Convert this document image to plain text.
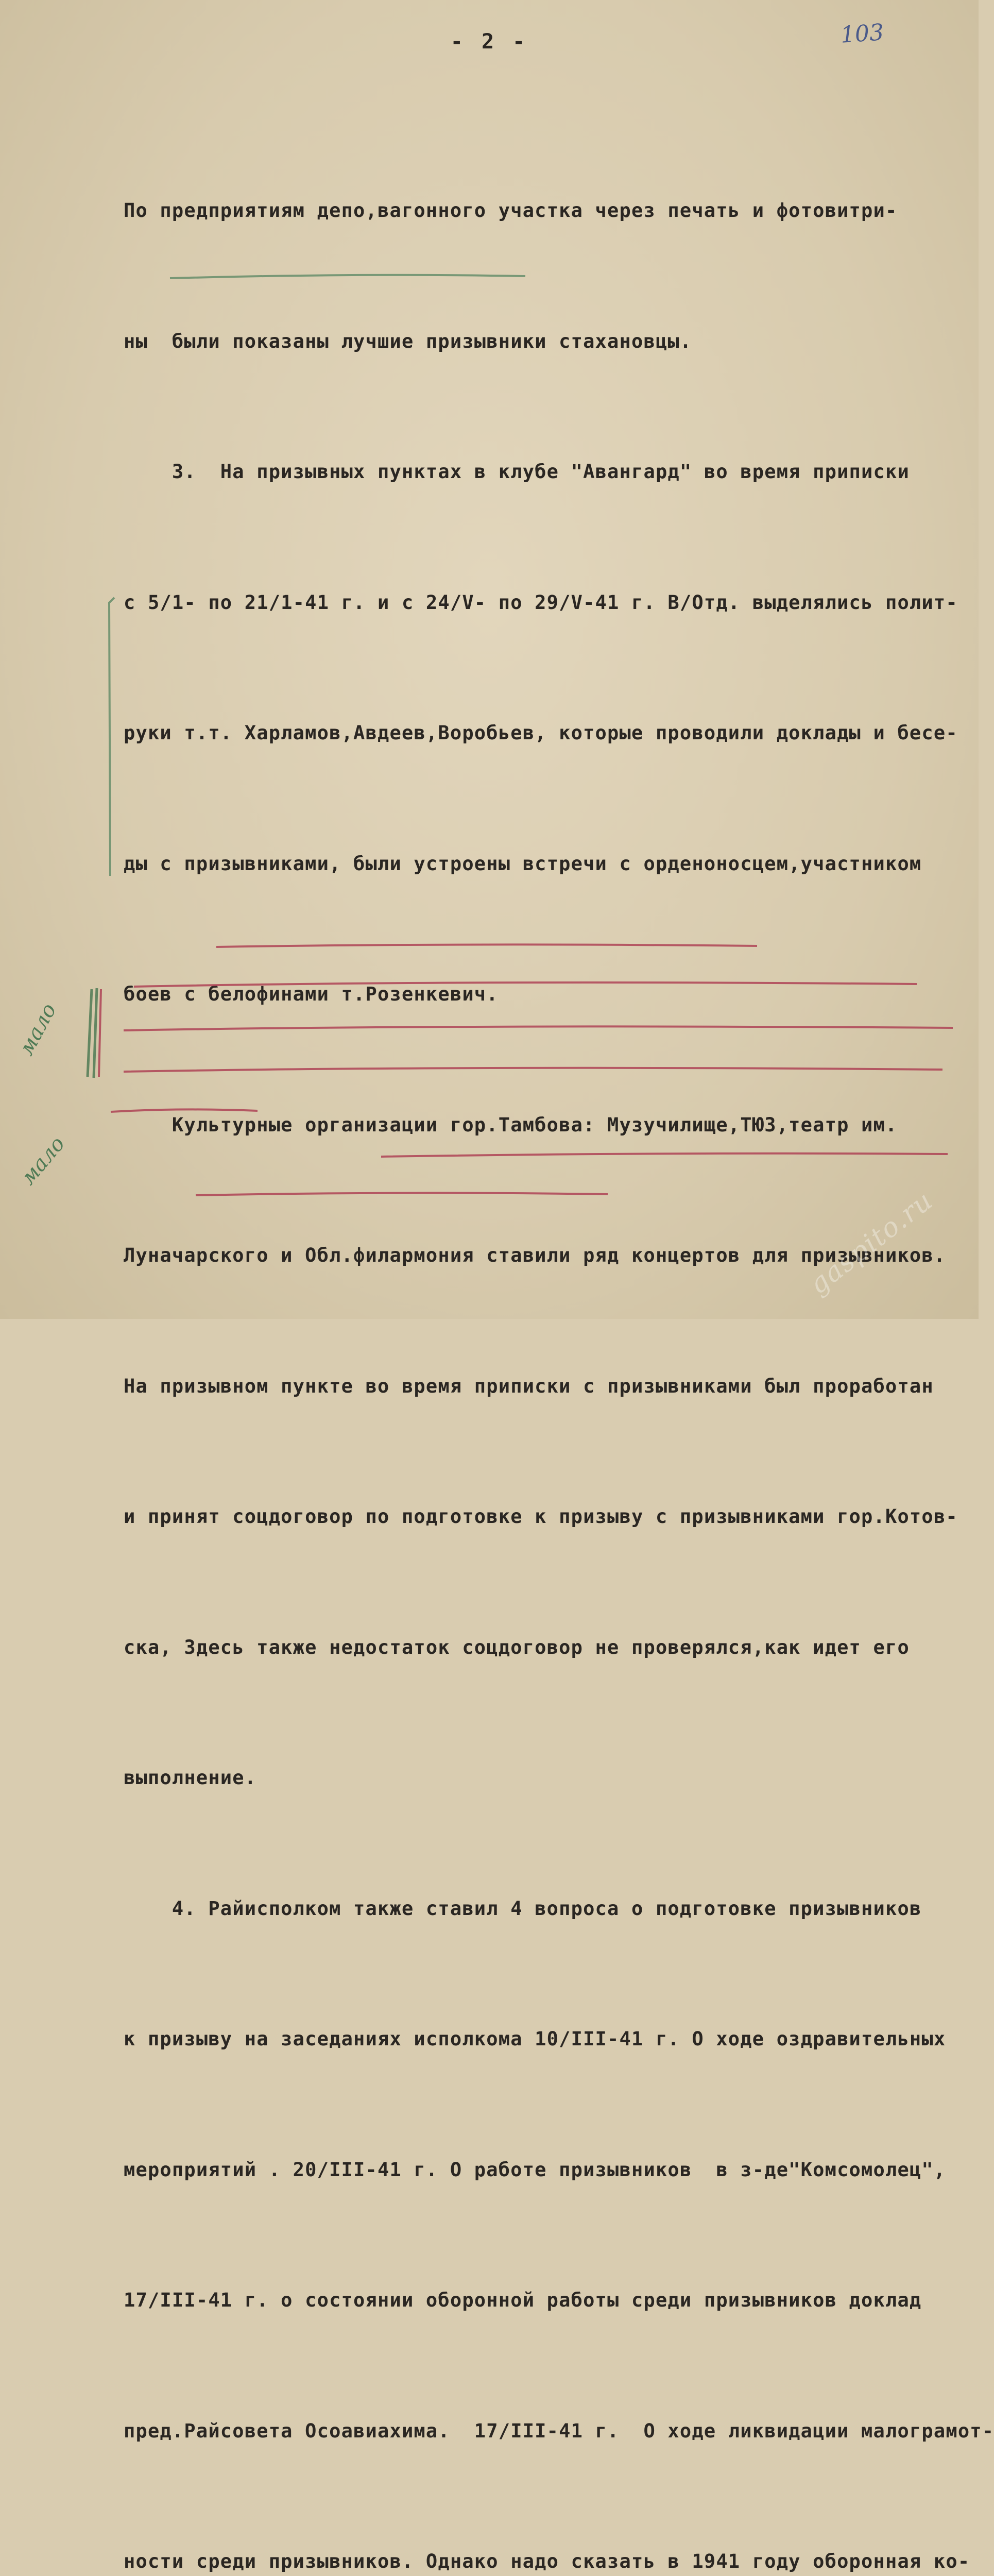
- 2 -	103

По предприятиям депо,вагонного участка через печать и фотовитри-

ны  были показаны лучшие призывники стахановцы.

3.  На призывных пунктах в клубе "Авангард" во время приписки

с 5/1- по 21/1-41 г. и с 24/V- по 29/V-41 г. В/Отд. выделялись полит-

руки т.т. Харламов,Авдеев,Воробьев, которые проводили доклады и бесе-

ды с призывниками, были устроены встречи с орденоносцем,участником

боев с белофинами т.Розенкевич.

Культурные организации гор.Тамбова: Музучилище,ТЮЗ,театр им.

Луначарского и Обл.филармония ставили ряд концертов для призывников.

На призывном пункте во время приписки с призывниками был проработан

и принят соцдоговор по подготовке к призыву с призывниками гор.Котов-

ска, Здесь также недостаток соцдоговор не проверялся,как идет его

выполнение.

4. Райисполком также ставил 4 вопроса о подготовке призывников

к призыву на заседаниях исполкома 10/III-41 г. О ходе оздравительных

мероприятий . 20/III-41 г. О работе призывников  в з-де"Комсомолец",

17/III-41 г. о состоянии оборонной работы среди призывников доклад

пред.Райсовета Осоавиахима.  17/III-41 г.  О ходе ликвидации малограмот-

ности среди призывников. Однако надо сказать в 1941 году оборонная ко-

мало
мало
gaspito.ru
